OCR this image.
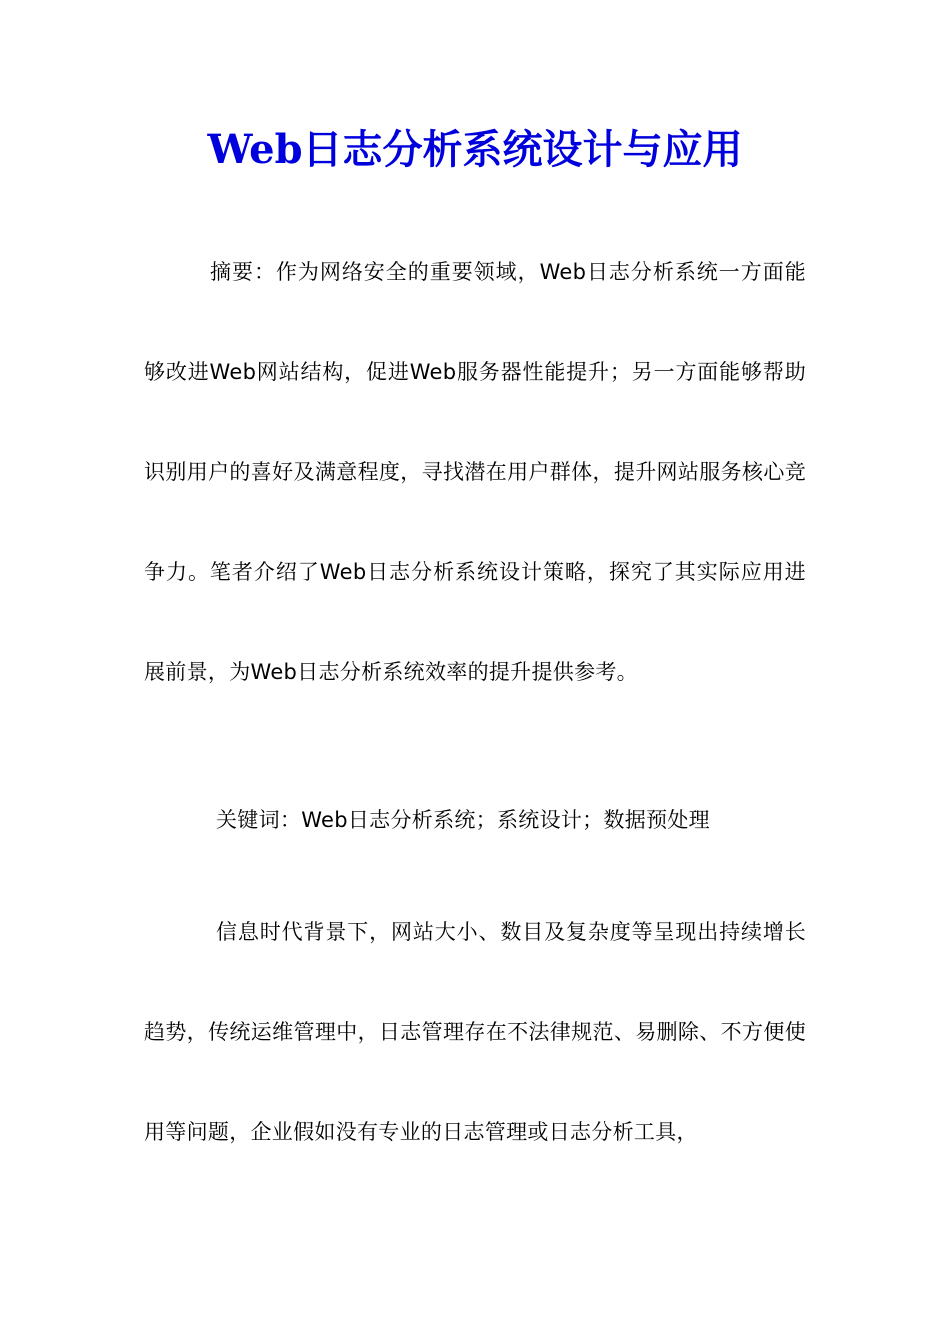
Web日志分析系统设计与应用

摘要：作为网络安全的重要领域，Web日志分析系统一方面能够改进Web网站结构，促进Web服务器性能提升；另一方面能够帮助识别用户的喜好及满意程度，寻找潜在用户群体，提升网站服务核心竞争力。笔者介绍了Web日志分析系统设计策略，探究了其实际应用进展前景，为Web日志分析系统效率的提升提供参考。

关键词：Web日志分析系统；系统设计；数据预处理

信息时代背景下，网站大小、数目及复杂度等呈现出持续增长趋势，传统运维管理中，日志管理存在不法律规范、易删除、不方便使用等问题，企业假如没有专业的日志管理或日志分析工具，
